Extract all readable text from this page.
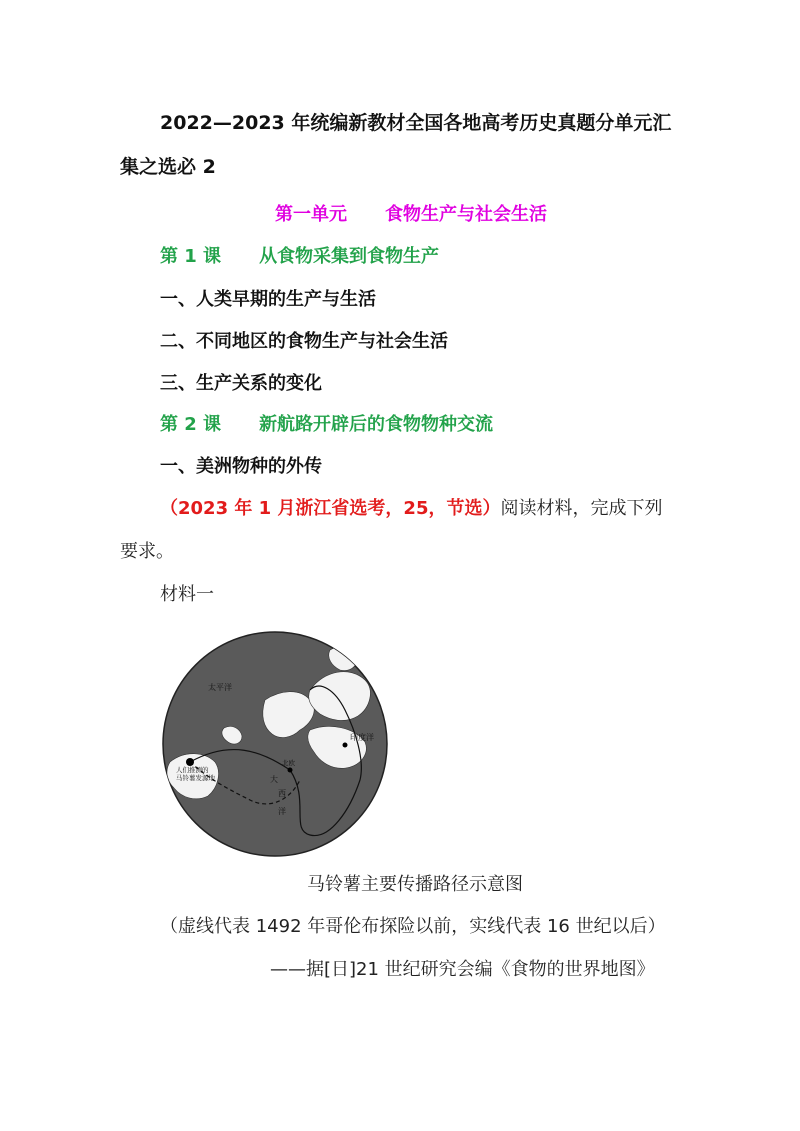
2022—2023 年统编新教材全国各地高考历史真题分单元汇
集之选必 2
第一单元 食物生产与社会生活
第 1 课 从食物采集到食物生产
一、人类早期的生产与生活
二、不同地区的食物生产与社会生活
三、生产关系的变化
第 2 课 新航路开辟后的食物物种交流
一、美洲物种的外传
（2023 年 1 月浙江省选考，25，节选）阅读材料，完成下列
要求。
材料一
太平洋
印度洋
大
西
洋
人们推测的
马铃薯发源地
北欧
马铃薯主要传播路径示意图
（虚线代表 1492 年哥伦布探险以前，实线代表 16 世纪以后）
——据[日]21 世纪研究会编《食物的世界地图》
